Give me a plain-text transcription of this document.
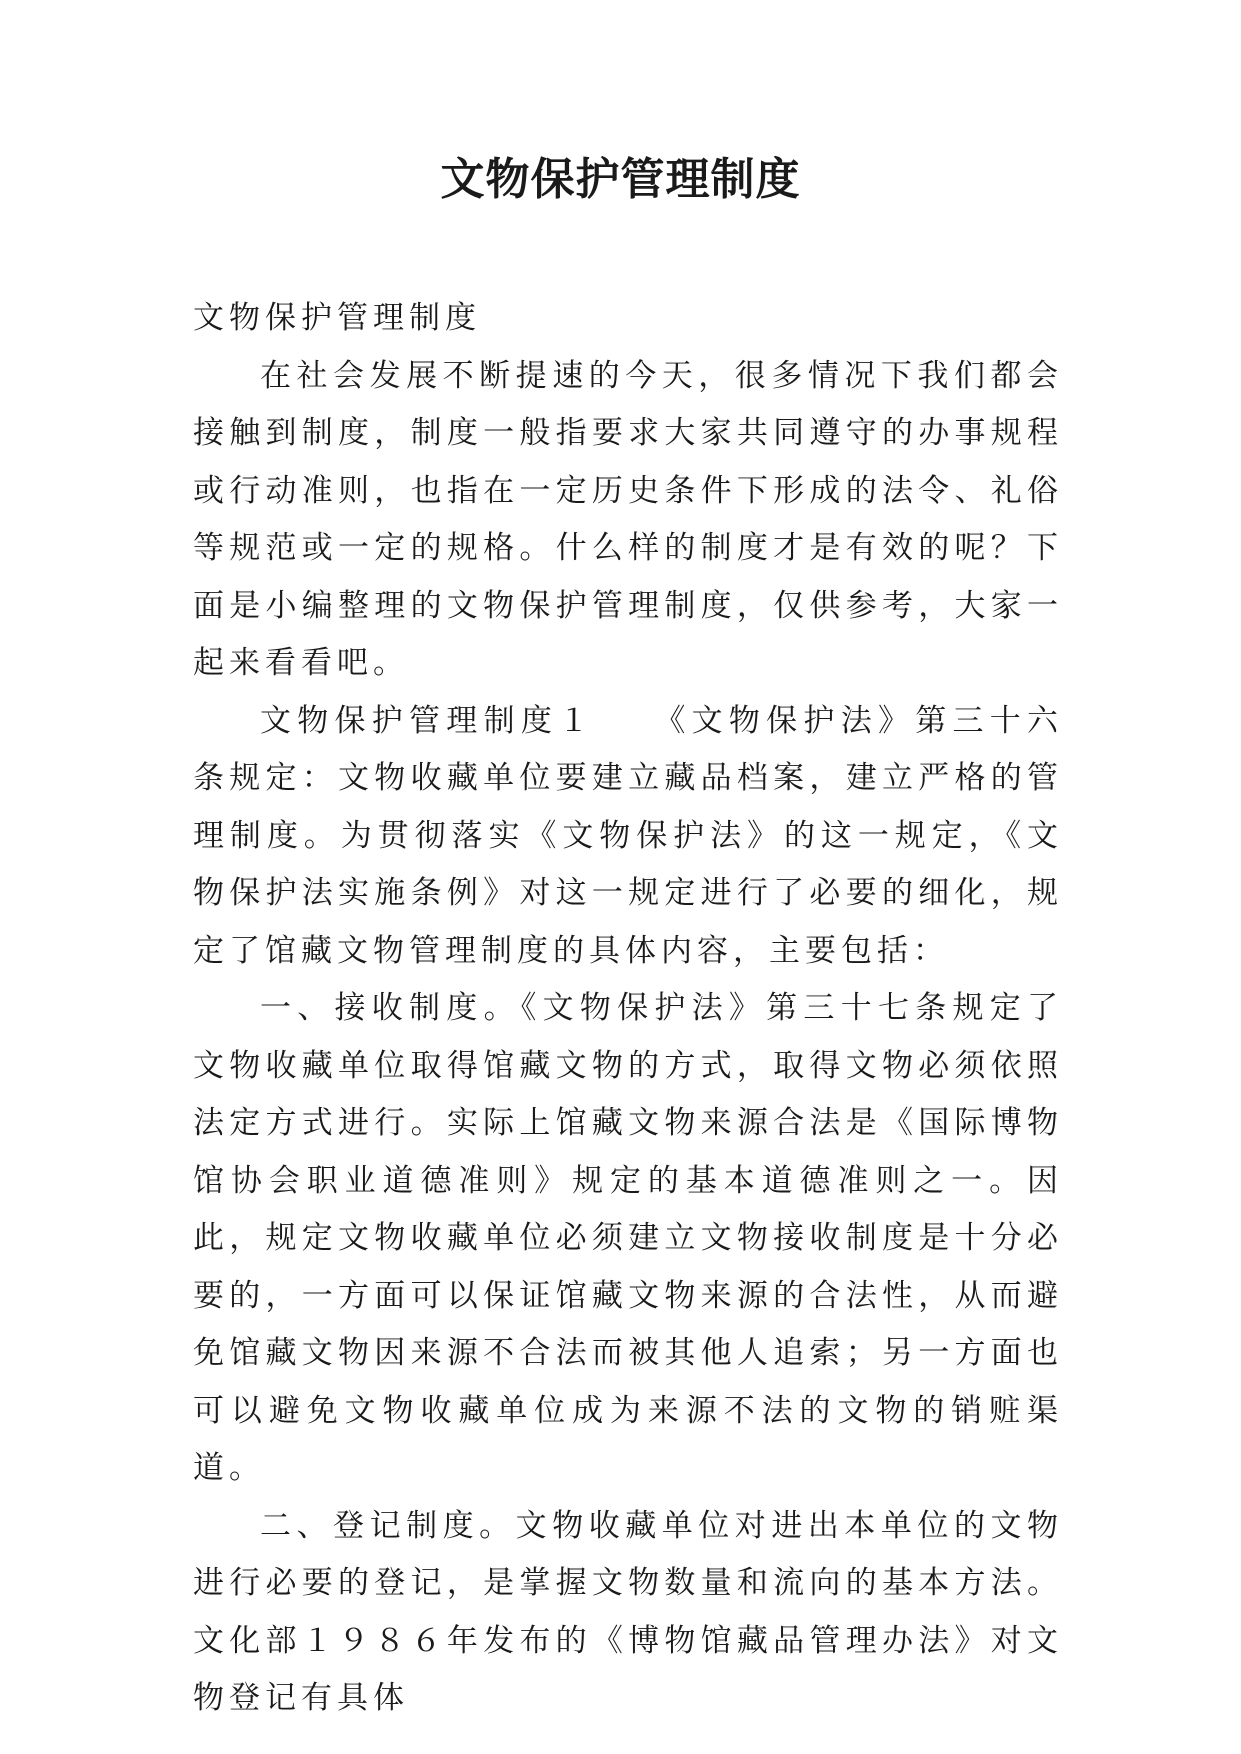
文物保护管理制度

文物保护管理制度

在社会发展不断提速的今天，很多情况下我们都会接触到制度，制度一般指要求大家共同遵守的办事规程或行动准则，也指在一定历史条件下形成的法令、礼俗等规范或一定的规格。什么样的制度才是有效的呢？下面是小编整理的文物保护管理制度，仅供参考，大家一起来看看吧。

文物保护管理制度１　　《文物保护法》第三十六条规定：文物收藏单位要建立藏品档案，建立严格的管理制度。为贯彻落实《文物保护法》的这一规定，《文物保护法实施条例》对这一规定进行了必要的细化，规定了馆藏文物管理制度的具体内容，主要包括：

一、接收制度。《文物保护法》第三十七条规定了文物收藏单位取得馆藏文物的方式，取得文物必须依照法定方式进行。实际上馆藏文物来源合法是《国际博物馆协会职业道德准则》规定的基本道德准则之一。因此，规定文物收藏单位必须建立文物接收制度是十分必要的，一方面可以保证馆藏文物来源的合法性，从而避免馆藏文物因来源不合法而被其他人追索；另一方面也可以避免文物收藏单位成为来源不法的文物的销赃渠道。

二、登记制度。文物收藏单位对进出本单位的文物进行必要的登记，是掌握文物数量和流向的基本方法。文化部１９８６年发布的《博物馆藏品管理办法》对文物登记有具体
